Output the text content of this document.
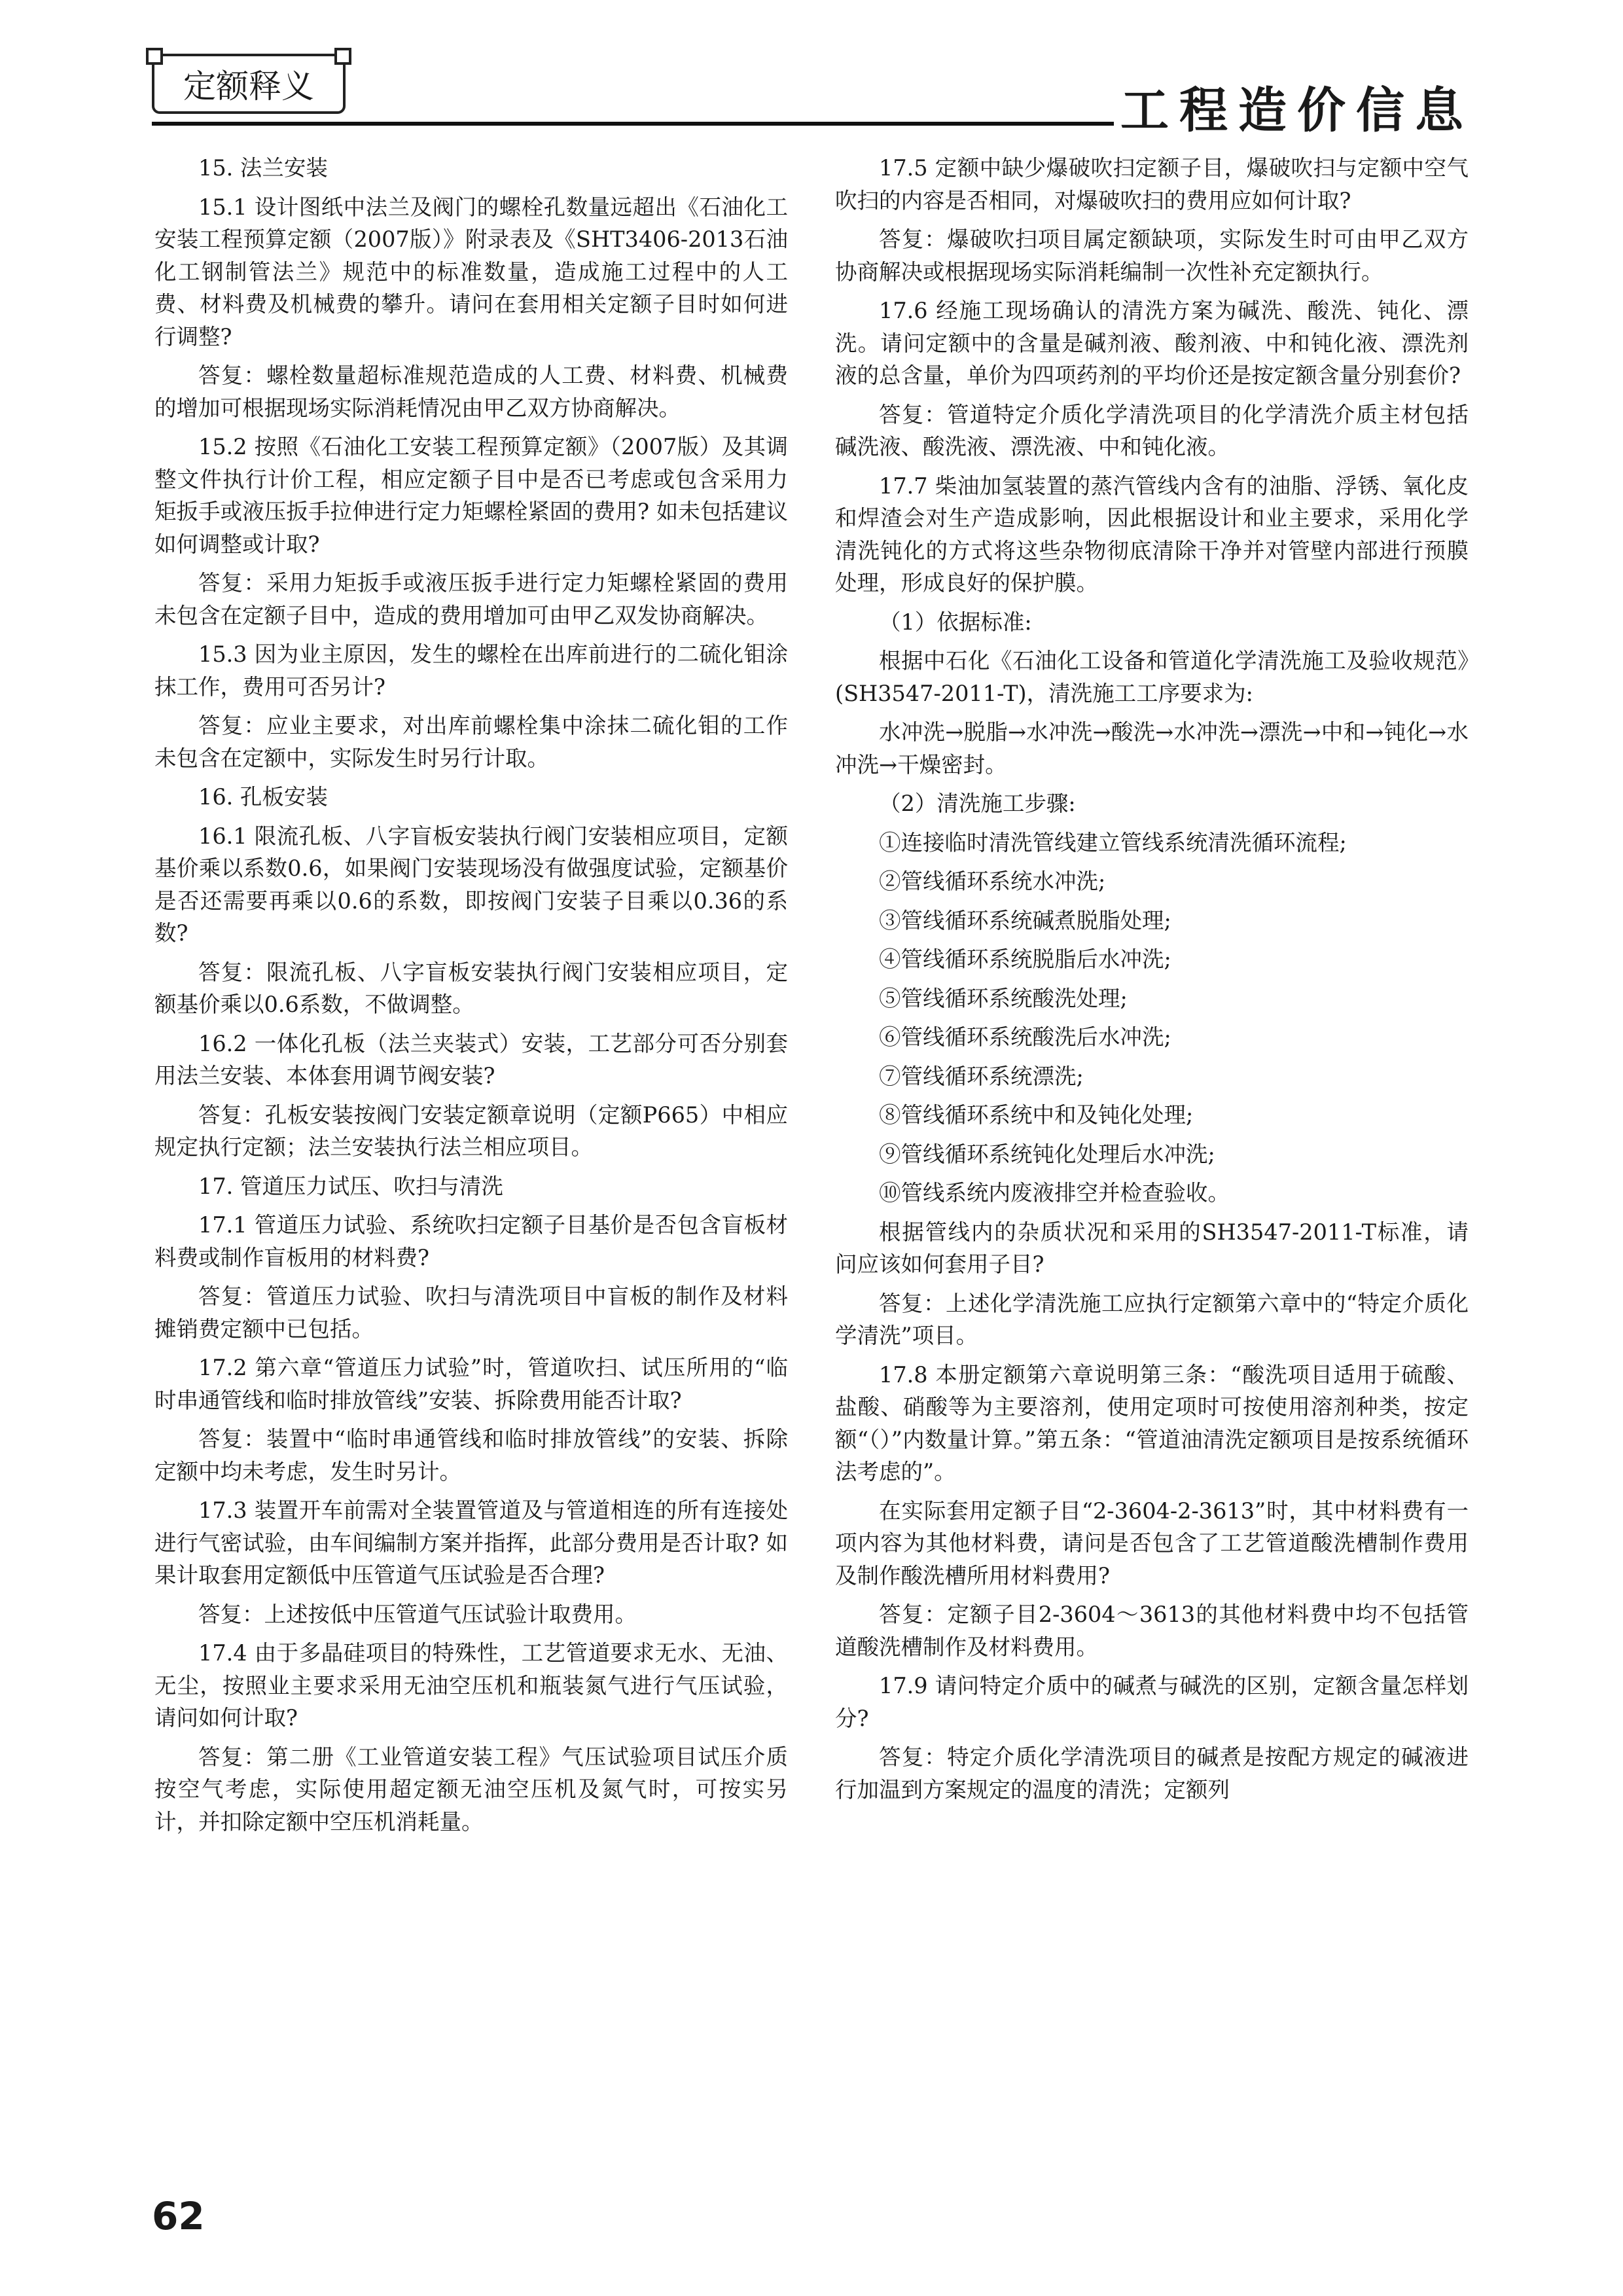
定额释义	工程造价信息

15. 法兰安装

15.1 设计图纸中法兰及阀门的螺栓孔数量远超出《石油化工安装工程预算定额（2007版）》附录表及《SHT3406-2013石油化工钢制管法兰》规范中的标准数量，造成施工过程中的人工费、材料费及机械费的攀升。请问在套用相关定额子目时如何进行调整?

答复：螺栓数量超标准规范造成的人工费、材料费、机械费的增加可根据现场实际消耗情况由甲乙双方协商解决。

15.2 按照《石油化工安装工程预算定额》（2007版）及其调整文件执行计价工程，相应定额子目中是否已考虑或包含采用力矩扳手或液压扳手拉伸进行定力矩螺栓紧固的费用? 如未包括建议如何调整或计取?

答复：采用力矩扳手或液压扳手进行定力矩螺栓紧固的费用未包含在定额子目中，造成的费用增加可由甲乙双发协商解决。

15.3 因为业主原因，发生的螺栓在出库前进行的二硫化钼涂抹工作，费用可否另计?

答复：应业主要求，对出库前螺栓集中涂抹二硫化钼的工作未包含在定额中，实际发生时另行计取。

16. 孔板安装

16.1 限流孔板、八字盲板安装执行阀门安装相应项目，定额基价乘以系数0.6，如果阀门安装现场没有做强度试验，定额基价是否还需要再乘以0.6的系数，即按阀门安装子目乘以0.36的系数?

答复：限流孔板、八字盲板安装执行阀门安装相应项目，定额基价乘以0.6系数，不做调整。

16.2 一体化孔板（法兰夹装式）安装，工艺部分可否分别套用法兰安装、本体套用调节阀安装?

答复：孔板安装按阀门安装定额章说明（定额P665）中相应规定执行定额；法兰安装执行法兰相应项目。

17. 管道压力试压、吹扫与清洗

17.1 管道压力试验、系统吹扫定额子目基价是否包含盲板材料费或制作盲板用的材料费?

答复：管道压力试验、吹扫与清洗项目中盲板的制作及材料摊销费定额中已包括。

17.2 第六章“管道压力试验”时，管道吹扫、试压所用的“临时串通管线和临时排放管线”安装、拆除费用能否计取?

答复：装置中“临时串通管线和临时排放管线”的安装、拆除定额中均未考虑，发生时另计。

17.3 装置开车前需对全装置管道及与管道相连的所有连接处进行气密试验，由车间编制方案并指挥，此部分费用是否计取? 如果计取套用定额低中压管道气压试验是否合理?

答复：上述按低中压管道气压试验计取费用。

17.4 由于多晶硅项目的特殊性，工艺管道要求无水、无油、无尘，按照业主要求采用无油空压机和瓶装氮气进行气压试验，请问如何计取?

答复：第二册《工业管道安装工程》气压试验项目试压介质按空气考虑，实际使用超定额无油空压机及氮气时，可按实另计，并扣除定额中空压机消耗量。

17.5 定额中缺少爆破吹扫定额子目，爆破吹扫与定额中空气吹扫的内容是否相同，对爆破吹扫的费用应如何计取?

答复：爆破吹扫项目属定额缺项，实际发生时可由甲乙双方协商解决或根据现场实际消耗编制一次性补充定额执行。

17.6 经施工现场确认的清洗方案为碱洗、酸洗、钝化、漂洗。请问定额中的含量是碱剂液、酸剂液、中和钝化液、漂洗剂液的总含量，单价为四项药剂的平均价还是按定额含量分别套价?

答复：管道特定介质化学清洗项目的化学清洗介质主材包括碱洗液、酸洗液、漂洗液、中和钝化液。

17.7 柴油加氢装置的蒸汽管线内含有的油脂、浮锈、氧化皮和焊渣会对生产造成影响，因此根据设计和业主要求，采用化学清洗钝化的方式将这些杂物彻底清除干净并对管壁内部进行预膜处理，形成良好的保护膜。

（1）依据标准:

根据中石化《石油化工设备和管道化学清洗施工及验收规范》(SH3547-2011-T)，清洗施工工序要求为:

水冲洗→脱脂→水冲洗→酸洗→水冲洗→漂洗→中和→钝化→水冲洗→干燥密封。

（2）清洗施工步骤:

①连接临时清洗管线建立管线系统清洗循环流程;

②管线循环系统水冲洗;

③管线循环系统碱煮脱脂处理;

④管线循环系统脱脂后水冲洗;

⑤管线循环系统酸洗处理;

⑥管线循环系统酸洗后水冲洗;

⑦管线循环系统漂洗;

⑧管线循环系统中和及钝化处理;

⑨管线循环系统钝化处理后水冲洗;

⑩管线系统内废液排空并检查验收。

根据管线内的杂质状况和采用的SH3547-2011-T标准，请问应该如何套用子目?

答复：上述化学清洗施工应执行定额第六章中的“特定介质化学清洗”项目。

17.8 本册定额第六章说明第三条：“酸洗项目适用于硫酸、盐酸、硝酸等为主要溶剂，使用定项时可按使用溶剂种类，按定额“（）”内数量计算。”第五条：“管道油清洗定额项目是按系统循环法考虑的”。

在实际套用定额子目“2-3604-2-3613”时，其中材料费有一项内容为其他材料费，请问是否包含了工艺管道酸洗槽制作费用及制作酸洗槽所用材料费用?

答复：定额子目2-3604～3613的其他材料费中均不包括管道酸洗槽制作及材料费用。

17.9 请问特定介质中的碱煮与碱洗的区别，定额含量怎样划分?

答复：特定介质化学清洗项目的碱煮是按配方规定的碱液进行加温到方案规定的温度的清洗；定额列

62
